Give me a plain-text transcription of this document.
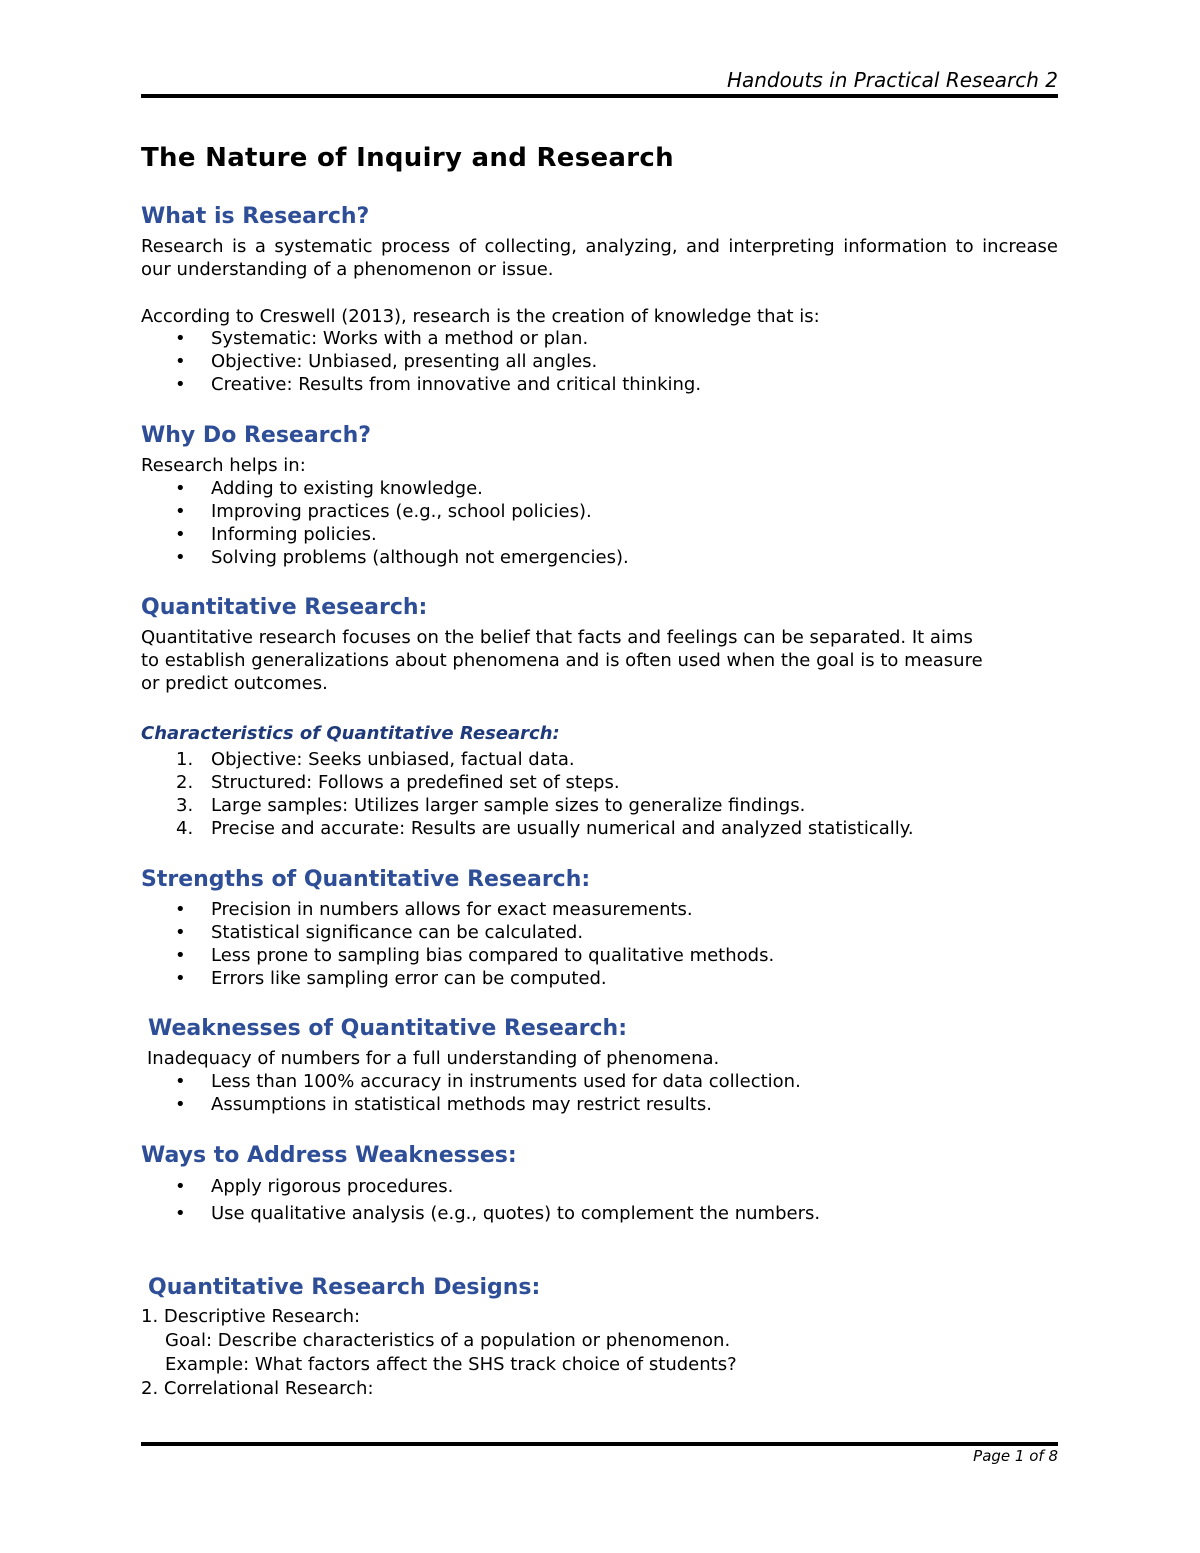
Handouts in Practical Research 2
The Nature of Inquiry and Research
What is Research?

Research is a systematic process of collecting, analyzing, and interpreting information to increase our understanding of a phenomenon or issue.

According to Creswell (2013), research is the creation of knowledge that is:

•	Systematic: Works with a method or plan.
•	Objective: Unbiased, presenting all angles.
•	Creative: Results from innovative and critical thinking.
Why Do Research?

Research helps in:

•	Adding to existing knowledge.
•	Improving practices (e.g., school policies).
•	Informing policies.
•	Solving problems (although not emergencies).
Quantitative Research:
Quantitative research focuses on the belief that facts and feelings can be separated. It aims
to establish generalizations about phenomena and is often used when the goal is to measure
or predict outcomes.
Characteristics of Quantitative Research:
1. Objective: Seeks unbiased, factual data.
2. Structured: Follows a predefined set of steps.
3. Large samples: Utilizes larger sample sizes to generalize findings.
4. Precise and accurate: Results are usually numerical and analyzed statistically.
Strengths of Quantitative Research:
•	Precision in numbers allows for exact measurements.
•	Statistical significance can be calculated.
•	Less prone to sampling bias compared to qualitative methods.
•	Errors like sampling error can be computed.
Weaknesses of Quantitative Research:

Inadequacy of numbers for a full understanding of phenomena.

•	Less than 100% accuracy in instruments used for data collection.
•	Assumptions in statistical methods may restrict results.
Ways to Address Weaknesses:
•	Apply rigorous procedures.
•	Use qualitative analysis (e.g., quotes) to complement the numbers.
Quantitative Research Designs:
1. Descriptive Research:
Goal: Describe characteristics of a population or phenomenon.
Example: What factors affect the SHS track choice of students?
2. Correlational Research:
Page 1 of 8
